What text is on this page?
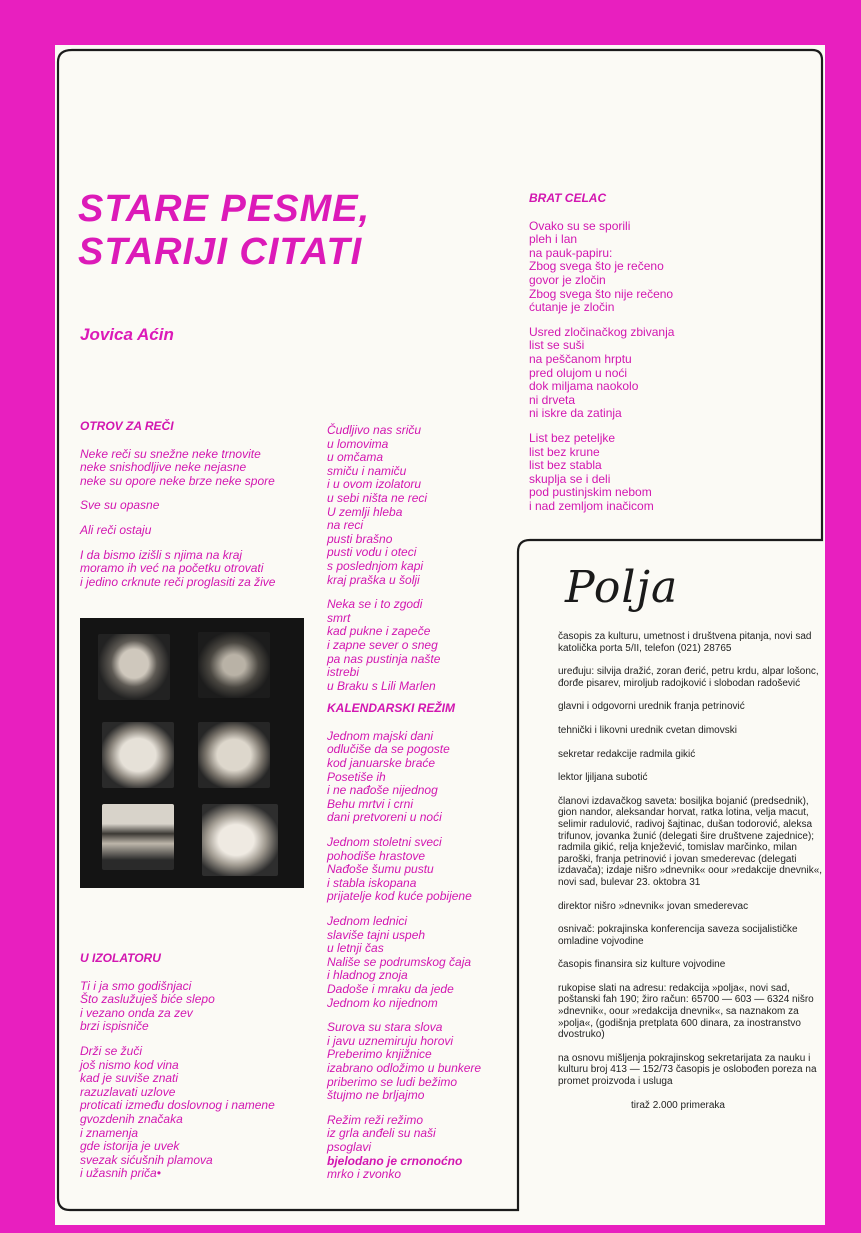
STARE PESME,
STARIJI CITATI
Jovica Aćin
OTROV ZA REČI
Neke reči su snežne neke trnovite
neke snishodljive neke nejasne
neke su opore neke brze neke spore
Sve su opasne
Ali reči ostaju
I da bismo izišli s njima na kraj
moramo ih već na početku otrovati
i jedino crknute reči proglasiti za žive
U IZOLATORU
Ti i ja smo godišnjaci
Što zaslužuješ biće slepo
i vezano onda za zev
brzi ispisniče
Drži se žuči
još nismo kod vina
kad je suviše znati
razuzlavati uzlove
proticati između doslovnog i namene
gvozdenih značaka
i znamenja
gde istorija je uvek
svezak sićušnih plamova
i užasnih priča•
Čudljivo nas sriču
u lomovima
u omčama
smiču i namiču
i u ovom izolatoru
u sebi ništa ne reci
U zemlji hleba
na reci
pusti brašno
pusti vodu i oteci
s poslednjom kapi
kraj praška u šolji
Neka se i to zgodi
smrt
kad pukne i zapeče
i zapne sever o sneg
pa nas pustinja našte
istrebi
u Braku s Lili Marlen
KALENDARSKI REŽIM
Jednom majski dani
odlučiše da se pogoste
kod januarske braće
Posetiše ih
i ne nađoše nijednog
Behu mrtvi i crni
dani pretvoreni u noći
Jednom stoletni sveci
pohodiše hrastove
Nađoše šumu pustu
i stabla iskopana
prijatelje kod kuće pobijene
Jednom lednici
slaviše tajni uspeh
u letnji čas
Nališe se podrumskog čaja
i hladnog znoja
Dadoše i mraku da jede
Jednom ko nijednom
Surova su stara slova
i javu uznemiruju horovi
Preberimo knjižnice
izabrano odložimo u bunkere
priberimo se ludi bežimo
štujmo ne brljajmo
Režim reži režimo
iz grla anđeli su naši
psoglavi
bjelodano je crnonoćno
mrko i zvonko
BRAT CELAC
Ovako su se sporili
pleh i lan
na pauk-papiru:
Zbog svega što je rečeno
govor je zločin
Zbog svega što nije rečeno
ćutanje je zločin
Usred zločinačkog zbivanja
list se suši
na peščanom hrptu
pred olujom u noći
dok miljama naokolo
ni drveta
ni iskre da zatinja
List bez peteljke
list bez krune
list bez stabla
skuplja se i deli
pod pustinjskim nebom
i nad zemljom inačicom
Polja

časopis za kulturu, umetnost i društvena pitanja, novi sad katolička porta 5/II, telefon (021) 28765

uređuju: silvija dražić, zoran đerić, petru krdu, alpar lošonc, đorđe pisarev, miroljub radojković i slobodan radošević

glavni i odgovorni urednik franja petrinović

tehnički i likovni urednik cvetan dimovski

sekretar redakcije radmila gikić

lektor ljiljana subotić

članovi izdavačkog saveta: bosiljka bojanić (predsednik), gion nandor, aleksandar horvat, ratka lotina, velja macut, selimir radulović, radivoj šajtinac, dušan todorović, aleksa trifunov, jovanka žunić (delegati šire društvene zajednice); radmila gikić, relja knježević, tomislav marčinko, milan paroški, franja petrinović i jovan smederevac (delegati izdavača); izdaje nišro »dnevnik« oour »redakcije dnevnik«, novi sad, bulevar 23. oktobra 31

direktor nišro »dnevnik« jovan smederevac

osnivač: pokrajinska konferencija saveza socijalističke omladine vojvodine

časopis finansira siz kulture vojvodine

rukopise slati na adresu: redakcija »polja«, novi sad, poštanski fah 190; žiro račun: 65700 — 603 — 6324 nišro »dnevnik«, oour »redakcija dnevnik«, sa naznakom za »polja«, (godišnja pretplata 600 dinara, za inostranstvo dvostruko)

na osnovu mišljenja pokrajinskog sekretarijata za nauku i kulturu broj 413 — 152/73 časopis je oslobođen poreza na promet proizvoda i usluga

tiraž 2.000 primeraka
